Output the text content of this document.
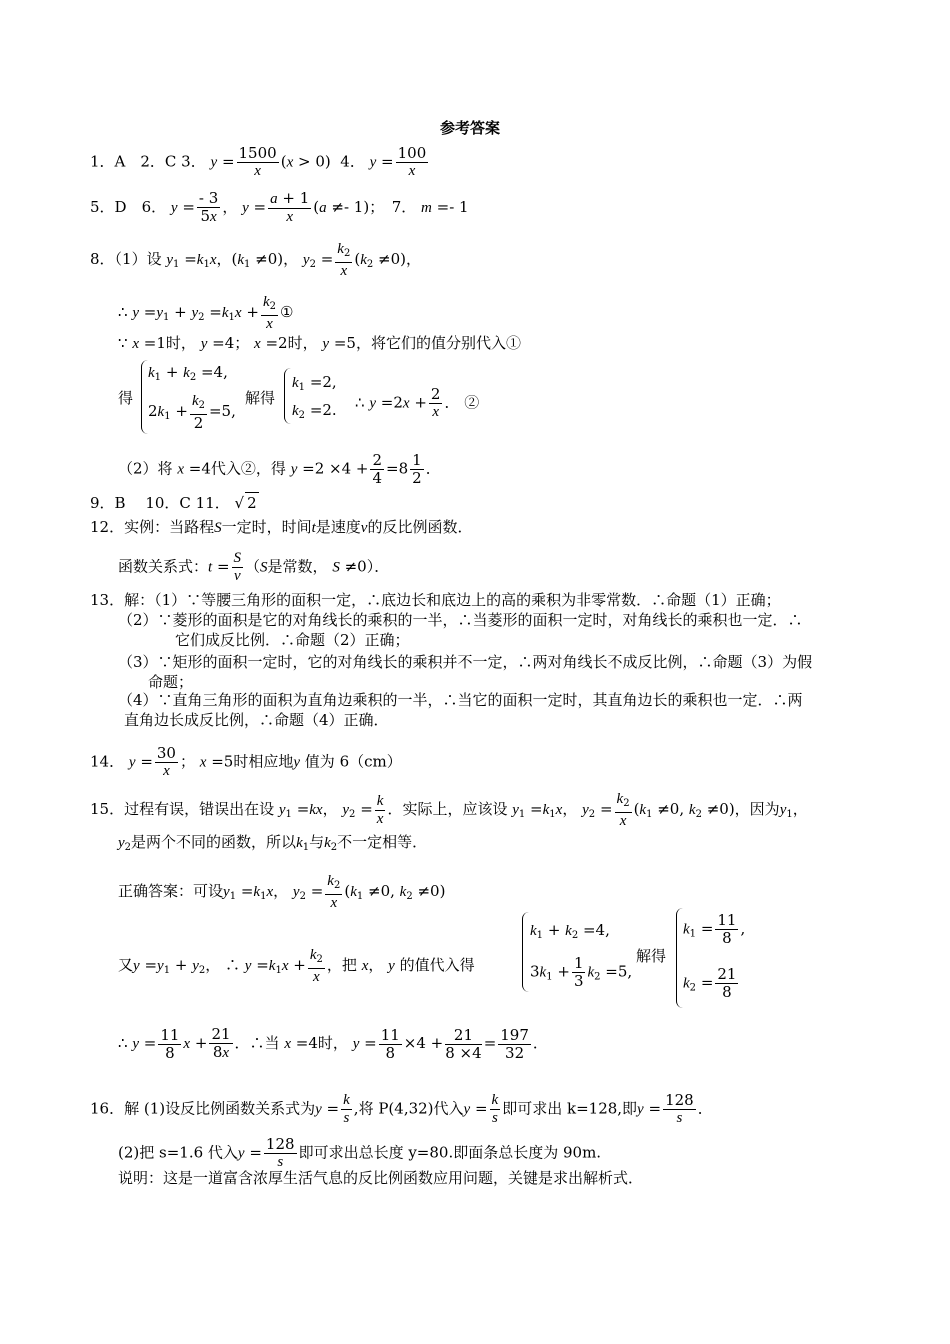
参考答案
1．A　2．C 3． $y = \frac{1500}{x} (x > 0)$  4． $y = \frac{100}{x}$
5．D　6． $y = \frac{- 3}{5x}$ ， $y = \frac{a + 1}{x} (a \ne- 1)$；　7． m =- 1
8．（1）设 $y_1 =k_1x$，$(k_1 \ne 0)$， $y_2 = \frac{k_2}{x} (k_2 \ne 0)$，
∴ $y =y_1 + y_2 =k_1x + \frac{k_2}{x}$ ①
∵ x =1时， y =4； x =2时， y =5，将它们的值分别代入①
得
$k_1 + k_2 =4$,
$2k_1 + \frac{k_2}{2} =5$,
解得
$k_1 =2$,
$k_2 =2$. ∴ $y =2x + \frac{2}{x}$ ． ②
（2）将 x =4代入②，得 $y =2 \times 4 + \frac{2}{4} =8 \frac{1}{2}$ ．
9．B　 10．C 11． √ 2
12．实例：当路程S一定时，时间t是速度v的反比例函数．
函数关系式：$t = \frac{S}{v} (S$是常数， S ≠0）．
13．解：（1）∵等腰三角形的面积一定，∴底边长和底边上的高的乘积为非零常数．∴命题（1）正确；
（2）∵菱形的面积是它的对角线长的乘积的一半，∴当菱形的面积一定时，对角线长的乘积也一定．∴
它们成反比例．∴命题（2）正确；
（3）∵矩形的面积一定时，它的对角线长的乘积并不一定，∴两对角线长不成反比例，∴命题（3）为假
命题；
（4）∵直角三角形的面积为直角边乘积的一半，∴当它的面积一定时，其直角边长的乘积也一定．∴两
直角边长成反比例，∴命题（4）正确．
14． $y = \frac{30}{x}$ ； x =5时相应地y 值为 6（cm）
15．过程有误，错误出在设 $y_1 =kx$， $y_2 = \frac{k}{x}$ ．实际上，应该设 $y_1 =k_1x$， $y_2 = \frac{k_2}{x} (k_1 \ne 0$, $k_2 \ne 0$)，因为$y_1$，
$y_2$是两个不同的函数，所以$k_1$与$k_2$不一定相等．
正确答案：可设$y_1 =k_1x$， $y_2 = \frac{k_2}{x} (k_1 \ne 0$, $k_2 \ne 0$)
又$y =y_1 + y_2$， ∴ $y =k_1x + \frac{k_2}{x}$ ，把 x， y 的值代入得
$k_1 + k_2 =4$,
$3k_1 + \frac{1}{3} k_2 =5$,
解得
$k_1 = \frac{11}{8}$ ,
$k_2 = \frac{21}{8}$
∴ $y = \frac{11}{8}$ $x + \frac{21}{8x}$ ．∴当 x =4时， $y = \frac{11}{8} \times 4 + \frac{21}{8 \times 4} = \frac{197}{32}$ ．
16．解 (1)设反比例函数关系式为$y = \frac{k}{s}$ ,将 P(4,32)代入$y = \frac{k}{s}$ 即可求出 k=128,即$y = \frac{128}{s}$ ．
(2)把 s=1.6 代入$y = \frac{128}{s}$ 即可求出总长度 y=80.即面条总长度为 90m.
说明：这是一道富含浓厚生活气息的反比例函数应用问题，关键是求出解析式．
